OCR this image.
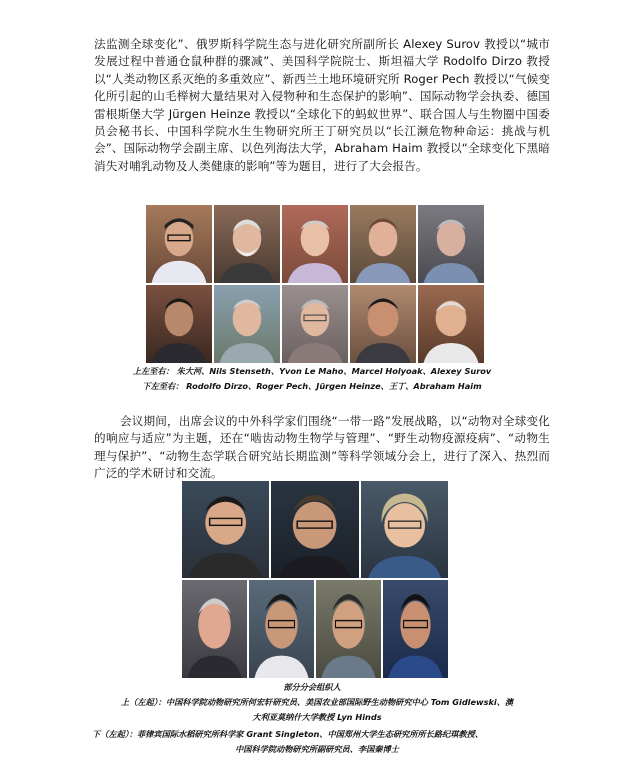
法监测全球变化”、俄罗斯科学院生态与进化研究所副所长 Alexey Surov 教授以“城市发展过程中普通仓鼠种群的骤减”、美国科学院院士、斯坦福大学 Rodolfo Dirzo 教授以“人类动物区系灭绝的多重效应”、新西兰土地环境研究所 Roger Pech 教授以“气候变化所引起的山毛榉树大量结果对入侵物种和生态保护的影响”、国际动物学会执委、德国雷根斯堡大学 Jürgen Heinze 教授以“全球化下的蚂蚁世界”、联合国人与生物圈中国委员会秘书长、中国科学院水生生物研究所王丁研究员以“长江濒危物种命运：挑战与机会”、国际动物学会副主席、以色列海法大学，Abraham Haim 教授以“全球变化下黑暗消失对哺乳动物及人类健康的影响”等为题目，进行了大会报告。

上左至右： 朱大河、Nils Stenseth、Yvon Le Maho、Marcel Holyoak、Alexey Surov

下左至右： Rodolfo Dirzo、Roger Pech、Jürgen Heinze、王丁、Abraham Haim

会议期间，出席会议的中外科学家们围绕“一带一路”发展战略，以“动物对全球变化的响应与适应”为主题，还在“啮齿动物生物学与管理”、“野生动物疫源疫病”、“动物生理与保护”、“动物生态学联合研究站长期监测”等科学领域分会上，进行了深入、热烈而广泛的学术研讨和交流。

部分分会组织人

上（左起）：中国科学院动物研究所何宏轩研究员、美国农业部国际野生动物研究中心 Tom Gidlewski、澳

大利亚莫纳什大学教授 Lyn Hinds

下（左起）：菲律宾国际水稻研究所科学家 Grant Singleton、中国郑州大学生态研究所所长路纪琪教授、

中国科学院动物研究所副研究员、李国秦博士
